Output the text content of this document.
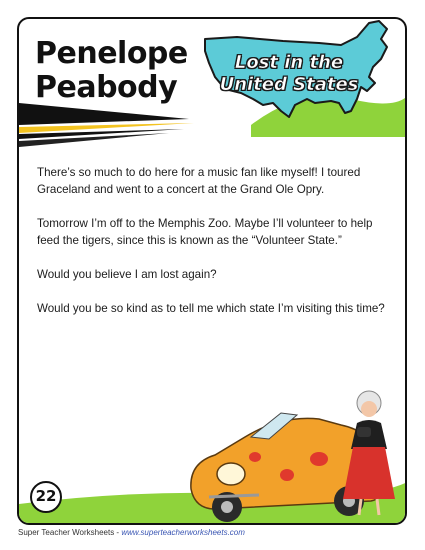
Penelope
Peabody
Lost in the
United States

There’s so much to do here for a music fan like myself! I toured Graceland and went to a concert at the Grand Ole Opry.

Tomorrow I’m off to the Memphis Zoo. Maybe I’ll volunteer to help feed the tigers, since this is known as the “Volunteer State.”

Would you believe I am lost again?

Would you be so kind as to tell me which state I’m visiting this time?

22
Super Teacher Worksheets - www.superteacherworksheets.com
